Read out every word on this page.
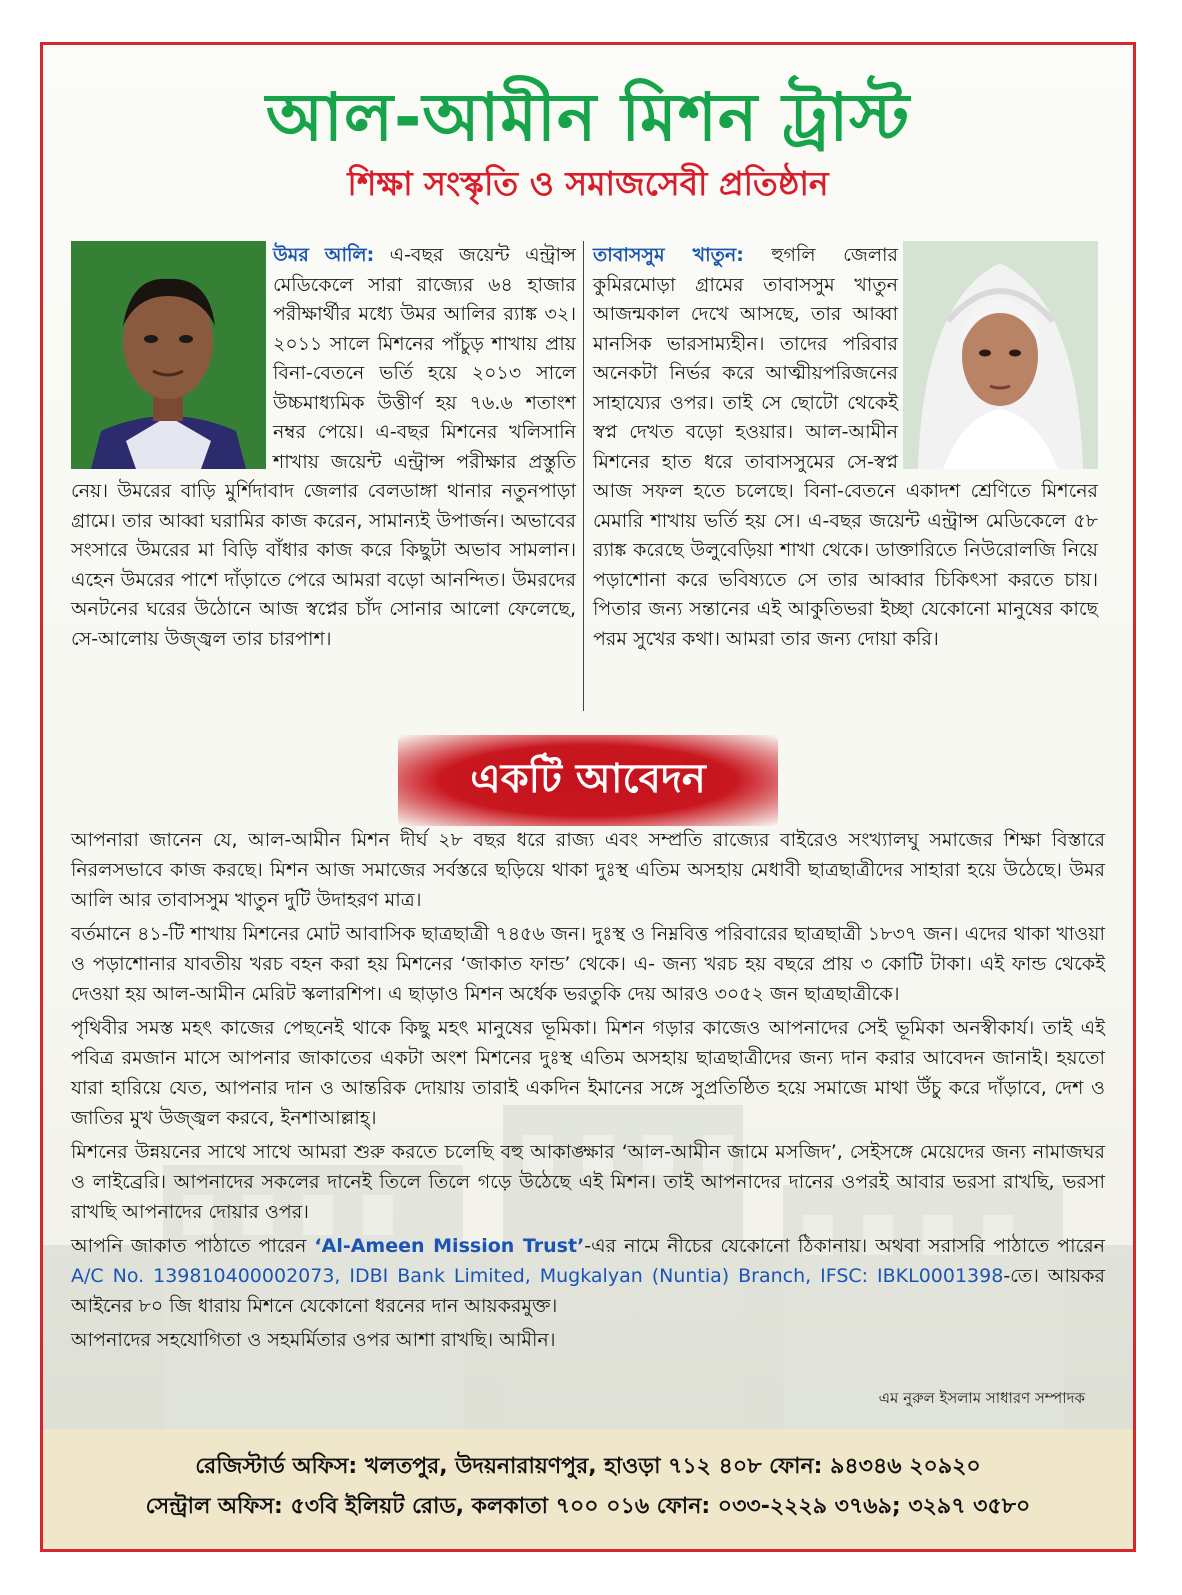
আল-আমীন মিশন ট্রাস্ট
শিক্ষা সংস্কৃতি ও সমাজসেবী প্রতিষ্ঠান

উমর আলি: এ-বছর জয়েন্ট এন্ট্রান্স মেডিকেলে সারা রাজ্যের ৬৪ হাজার পরীক্ষার্থীর মধ্যে উমর আলির র‍্যাঙ্ক ৩২। ২০১১ সালে মিশনের পাঁচুড় শাখায় প্রায় বিনা-বেতনে ভর্তি হয়ে ২০১৩ সালে উচ্চমাধ্যমিক উত্তীর্ণ হয় ৭৬.৬ শতাংশ নম্বর পেয়ে। এ-বছর মিশনের খলিসানি শাখায় জয়েন্ট এন্ট্রান্স পরীক্ষার প্রস্তুতি নেয়। উমরের বাড়ি মুর্শিদাবাদ জেলার বেলডাঙ্গা থানার নতুনপাড়া গ্রামে। তার আব্বা ঘরামির কাজ করেন, সামান্যই উপার্জন। অভাবের সংসারে উমরের মা বিড়ি বাঁধার কাজ করে কিছুটা অভাব সামলান। এহেন উমরের পাশে দাঁড়াতে পেরে আমরা বড়ো আনন্দিত। উমরদের অনটনের ঘরের উঠোনে আজ স্বপ্নের চাঁদ সোনার আলো ফেলেছে, সে-আলোয় উজ্জ্বল তার চারপাশ।

তাবাসসুম খাতুন: হুগলি জেলার কুমিরমোড়া গ্রামের তাবাসসুম খাতুন আজন্মকাল দেখে আসছে, তার আব্বা মানসিক ভারসাম্যহীন। তাদের পরিবার অনেকটা নির্ভর করে আত্মীয়পরিজনের সাহায্যের ওপর। তাই সে ছোটো থেকেই স্বপ্ন দেখত বড়ো হওয়ার। আল-আমীন মিশনের হাত ধরে তাবাসসুমের সে-স্বপ্ন আজ সফল হতে চলেছে। বিনা-বেতনে একাদশ শ্রেণিতে মিশনের মেমারি শাখায় ভর্তি হয় সে। এ-বছর জয়েন্ট এন্ট্রান্স মেডিকেলে ৫৮ র‍্যাঙ্ক করেছে উলুবেড়িয়া শাখা থেকে। ডাক্তারিতে নিউরোলজি নিয়ে পড়াশোনা করে ভবিষ্যতে সে তার আব্বার চিকিৎসা করতে চায়। পিতার জন্য সন্তানের এই আকুতিভরা ইচ্ছা যেকোনো মানুষের কাছে পরম সুখের কথা। আমরা তার জন্য দোয়া করি।

একটি আবেদন

আপনারা জানেন যে, আল-আমীন মিশন দীর্ঘ ২৮ বছর ধরে রাজ্য এবং সম্প্রতি রাজ্যের বাইরেও সংখ্যালঘু সমাজের শিক্ষা বিস্তারে নিরলসভাবে কাজ করছে। মিশন আজ সমাজের সর্বস্তরে ছড়িয়ে থাকা দুঃস্থ এতিম অসহায় মেধাবী ছাত্রছাত্রীদের সাহারা হয়ে উঠেছে। উমর আলি আর তাবাসসুম খাতুন দুটি উদাহরণ মাত্র।

বর্তমানে ৪১-টি শাখায় মিশনের মোট আবাসিক ছাত্রছাত্রী ৭৪৫৬ জন। দুঃস্থ ও নিম্নবিত্ত পরিবারের ছাত্রছাত্রী ১৮৩৭ জন। এদের থাকা খাওয়া ও পড়াশোনার যাবতীয় খরচ বহন করা হয় মিশনের ‘জাকাত ফান্ড’ থেকে। এ- জন্য খরচ হয় বছরে প্রায় ৩ কোটি টাকা। এই ফান্ড থেকেই দেওয়া হয় আল-আমীন মেরিট স্কলারশিপ। এ ছাড়াও মিশন অর্ধেক ভরতুকি দেয় আরও ৩০৫২ জন ছাত্রছাত্রীকে।

পৃথিবীর সমস্ত মহৎ কাজের পেছনেই থাকে কিছু মহৎ মানুষের ভূমিকা। মিশন গড়ার কাজেও আপনাদের সেই ভূমিকা অনস্বীকার্য। তাই এই পবিত্র রমজান মাসে আপনার জাকাতের একটা অংশ মিশনের দুঃস্থ এতিম অসহায় ছাত্রছাত্রীদের জন্য দান করার আবেদন জানাই। হয়তো যারা হারিয়ে যেত, আপনার দান ও আন্তরিক দোয়ায় তারাই একদিন ইমানের সঙ্গে সুপ্রতিষ্ঠিত হয়ে সমাজে মাথা উঁচু করে দাঁড়াবে, দেশ ও জাতির মুখ উজ্জ্বল করবে, ইনশাআল্লাহ্।

মিশনের উন্নয়নের সাথে সাথে আমরা শুরু করতে চলেছি বহু আকাঙ্ক্ষার ‘আল-আমীন জামে মসজিদ’, সেইসঙ্গে মেয়েদের জন্য নামাজঘর ও লাইব্রেরি। আপনাদের সকলের দানেই তিলে তিলে গড়ে উঠেছে এই মিশন। তাই আপনাদের দানের ওপরই আবার ভরসা রাখছি, ভরসা রাখছি আপনাদের দোয়ার ওপর।

আপনি জাকাত পাঠাতে পারেন ‘Al-Ameen Mission Trust’-এর নামে নীচের যেকোনো ঠিকানায়। অথবা সরাসরি পাঠাতে পারেন A/C No. 139810400002073, IDBI Bank Limited, Mugkalyan (Nuntia) Branch, IFSC: IBKL0001398-তে। আয়কর আইনের ৮০ জি ধারায় মিশনে যেকোনো ধরনের দান আয়করমুক্ত।

আপনাদের সহযোগিতা ও সহমর্মিতার ওপর আশা রাখছি। আমীন।

এম নুরুল ইসলাম সাধারণ সম্পাদক
রেজিস্টার্ড অফিস: খলতপুর, উদয়নারায়ণপুর, হাওড়া ৭১২ ৪০৮ ফোন: ৯৪৩৪৬ ২০৯২০
সেন্ট্রাল অফিস: ৫৩বি ইলিয়ট রোড, কলকাতা ৭০০ ০১৬ ফোন: ০৩৩-২২২৯ ৩৭৬৯; ৩২৯৭ ৩৫৮০
